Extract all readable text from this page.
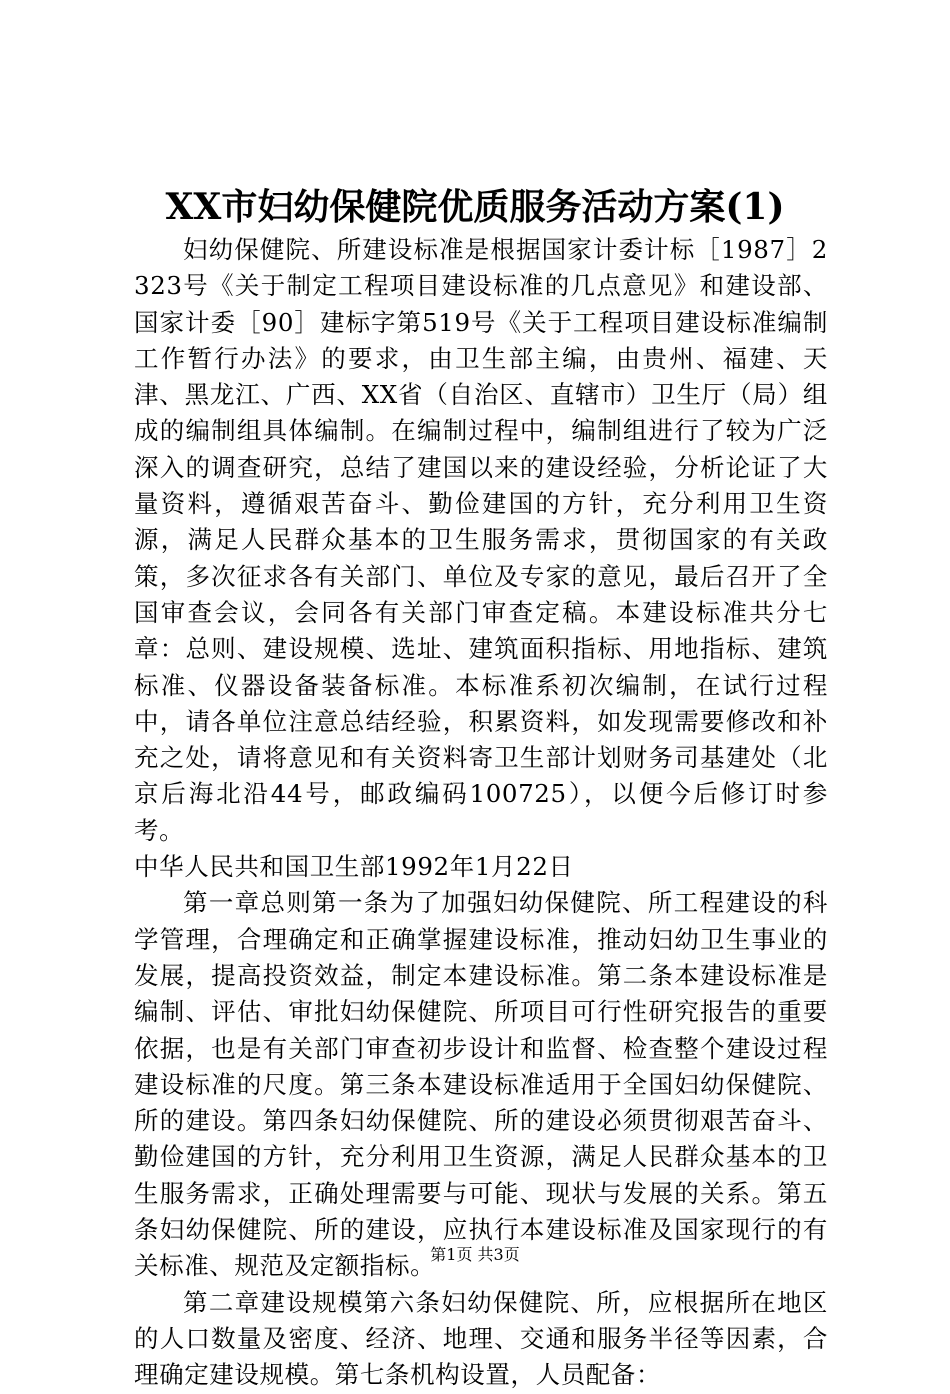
XX市妇幼保健院优质服务活动方案(1)

妇幼保健院、所建设标准是根据国家计委计标［1987］2323号《关于制定工程项目建设标准的几点意见》和建设部、国家计委［90］建标字第519号《关于工程项目建设标准编制工作暂行办法》的要求，由卫生部主编，由贵州、福建、天津、黑龙江、广西、XX省（自治区、直辖市）卫生厅（局）组成的编制组具体编制。在编制过程中，编制组进行了较为广泛深入的调查研究，总结了建国以来的建设经验，分析论证了大量资料，遵循艰苦奋斗、勤俭建国的方针，充分利用卫生资源，满足人民群众基本的卫生服务需求，贯彻国家的有关政策，多次征求各有关部门、单位及专家的意见，最后召开了全国审查会议，会同各有关部门审查定稿。本建设标准共分七章：总则、建设规模、选址、建筑面积指标、用地指标、建筑标准、仪器设备装备标准。本标准系初次编制，在试行过程中，请各单位注意总结经验，积累资料，如发现需要修改和补充之处，请将意见和有关资料寄卫生部计划财务司基建处（北京后海北沿44号，邮政编码100725），以便今后修订时参考。

中华人民共和国卫生部1992年1月22日

第一章总则第一条为了加强妇幼保健院、所工程建设的科学管理，合理确定和正确掌握建设标准，推动妇幼卫生事业的发展，提高投资效益，制定本建设标准。第二条本建设标准是编制、评估、审批妇幼保健院、所项目可行性研究报告的重要依据，也是有关部门审查初步设计和监督、检查整个建设过程建设标准的尺度。第三条本建设标准适用于全国妇幼保健院、所的建设。第四条妇幼保健院、所的建设必须贯彻艰苦奋斗、勤俭建国的方针，充分利用卫生资源，满足人民群众基本的卫生服务需求，正确处理需要与可能、现状与发展的关系。第五条妇幼保健院、所的建设，应执行本建设标准及国家现行的有关标准、规范及定额指标。

第二章建设规模第六条妇幼保健院、所，应根据所在地区的人口数量及密度、经济、地理、交通和服务半径等因素，合理确定建设规模。第七条机构设置，人员配备：

第1页 共3页
